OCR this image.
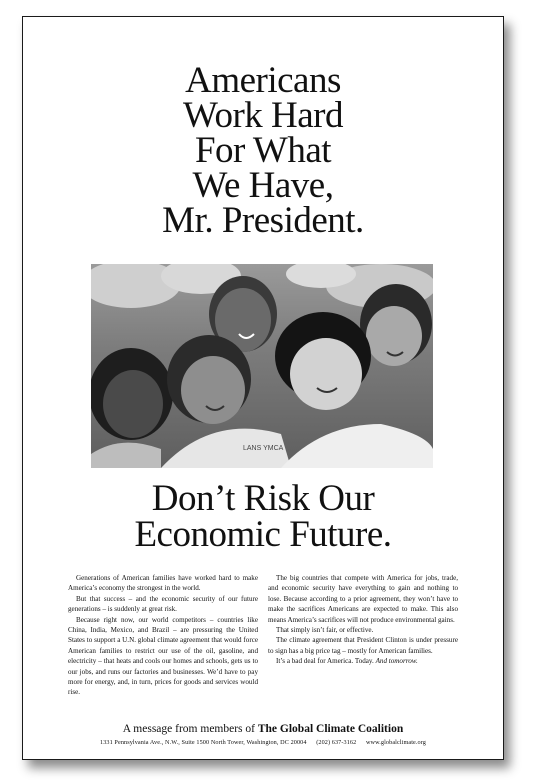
Americans
Work Hard
For What
We Have,
Mr. President.
LANS YMCA
Don’t Risk Our
Economic Future.

Generations of American families have worked hard to make America’s economy the strongest in the world.

But that success – and the economic security of our future generations – is suddenly at great risk.

Because right now, our world competitors – countries like China, India, Mexico, and Brazil – are pressuring the United States to support a U.N. global climate agreement that would force American families to restrict our use of the oil, gasoline, and electricity – that heats and cools our homes and schools, gets us to our jobs, and runs our factories and businesses. We’d have to pay more for energy, and, in turn, prices for goods and services would rise.

The big countries that compete with America for jobs, trade, and economic security have everything to gain and nothing to lose. Because according to a prior agreement, they won’t have to make the sacrifices Americans are expected to make. This also means America’s sacrifices will not produce environmental gains.

That simply isn’t fair, or effective.

The climate agreement that President Clinton is under pressure to sign has a big price tag – mostly for American families.

It’s a bad deal for America. Today. And tomorrow.

A message from members of The Global Climate Coalition
1331 Pennsylvania Ave., N.W., Suite 1500 North Tower, Washington, DC 20004 (202) 637-3162 www.globalclimate.org
